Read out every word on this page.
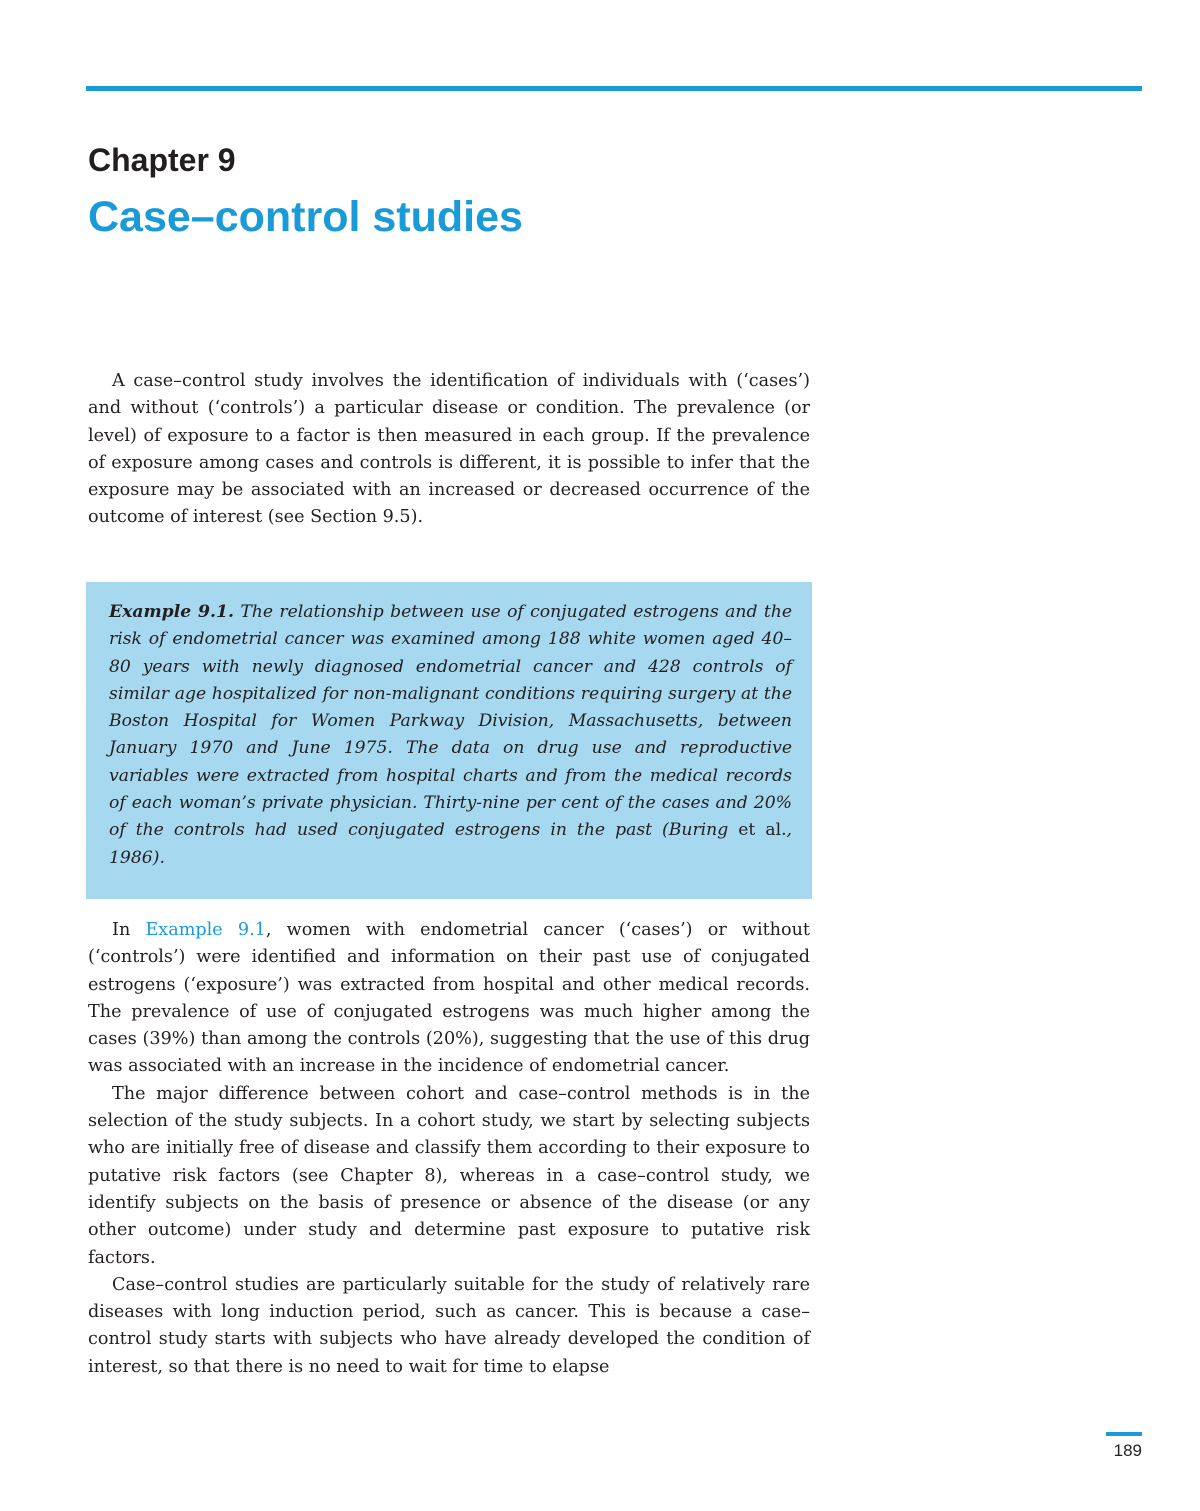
Chapter 9
Case–control studies

A case–control study involves the identification of individuals with (‘cases’) and without (‘controls’) a particular disease or condition. The prevalence (or level) of exposure to a factor is then measured in each group. If the prevalence of exposure among cases and controls is different, it is possible to infer that the exposure may be associated with an increased or decreased occurrence of the outcome of interest (see Section 9.5).

Example 9.1. The relationship between use of conjugated estrogens and the risk of endometrial cancer was examined among 188 white women aged 40–80 years with newly diagnosed endometrial cancer and 428 controls of similar age hospitalized for non-malignant conditions requiring surgery at the Boston Hospital for Women Parkway Division, Massachusetts, between January 1970 and June 1975. The data on drug use and reproductive variables were extracted from hospital charts and from the medical records of each woman’s private physician. Thirty-nine per cent of the cases and 20% of the controls had used conjugated estrogens in the past (Buring et al., 1986).

In Example 9.1, women with endometrial cancer (‘cases’) or without (‘controls’) were identified and information on their past use of conjugated estrogens (‘exposure’) was extracted from hospital and other medical records. The prevalence of use of conjugated estrogens was much higher among the cases (39%) than among the controls (20%), suggesting that the use of this drug was associated with an increase in the incidence of endometrial cancer.

The major difference between cohort and case–control methods is in the selection of the study subjects. In a cohort study, we start by selecting subjects who are initially free of disease and classify them according to their exposure to putative risk factors (see Chapter 8), whereas in a case–control study, we identify subjects on the basis of presence or absence of the disease (or any other outcome) under study and determine past exposure to putative risk factors.

Case–control studies are particularly suitable for the study of relatively rare diseases with long induction period, such as cancer. This is because a case–control study starts with subjects who have already developed the condition of interest, so that there is no need to wait for time to elapse

189
